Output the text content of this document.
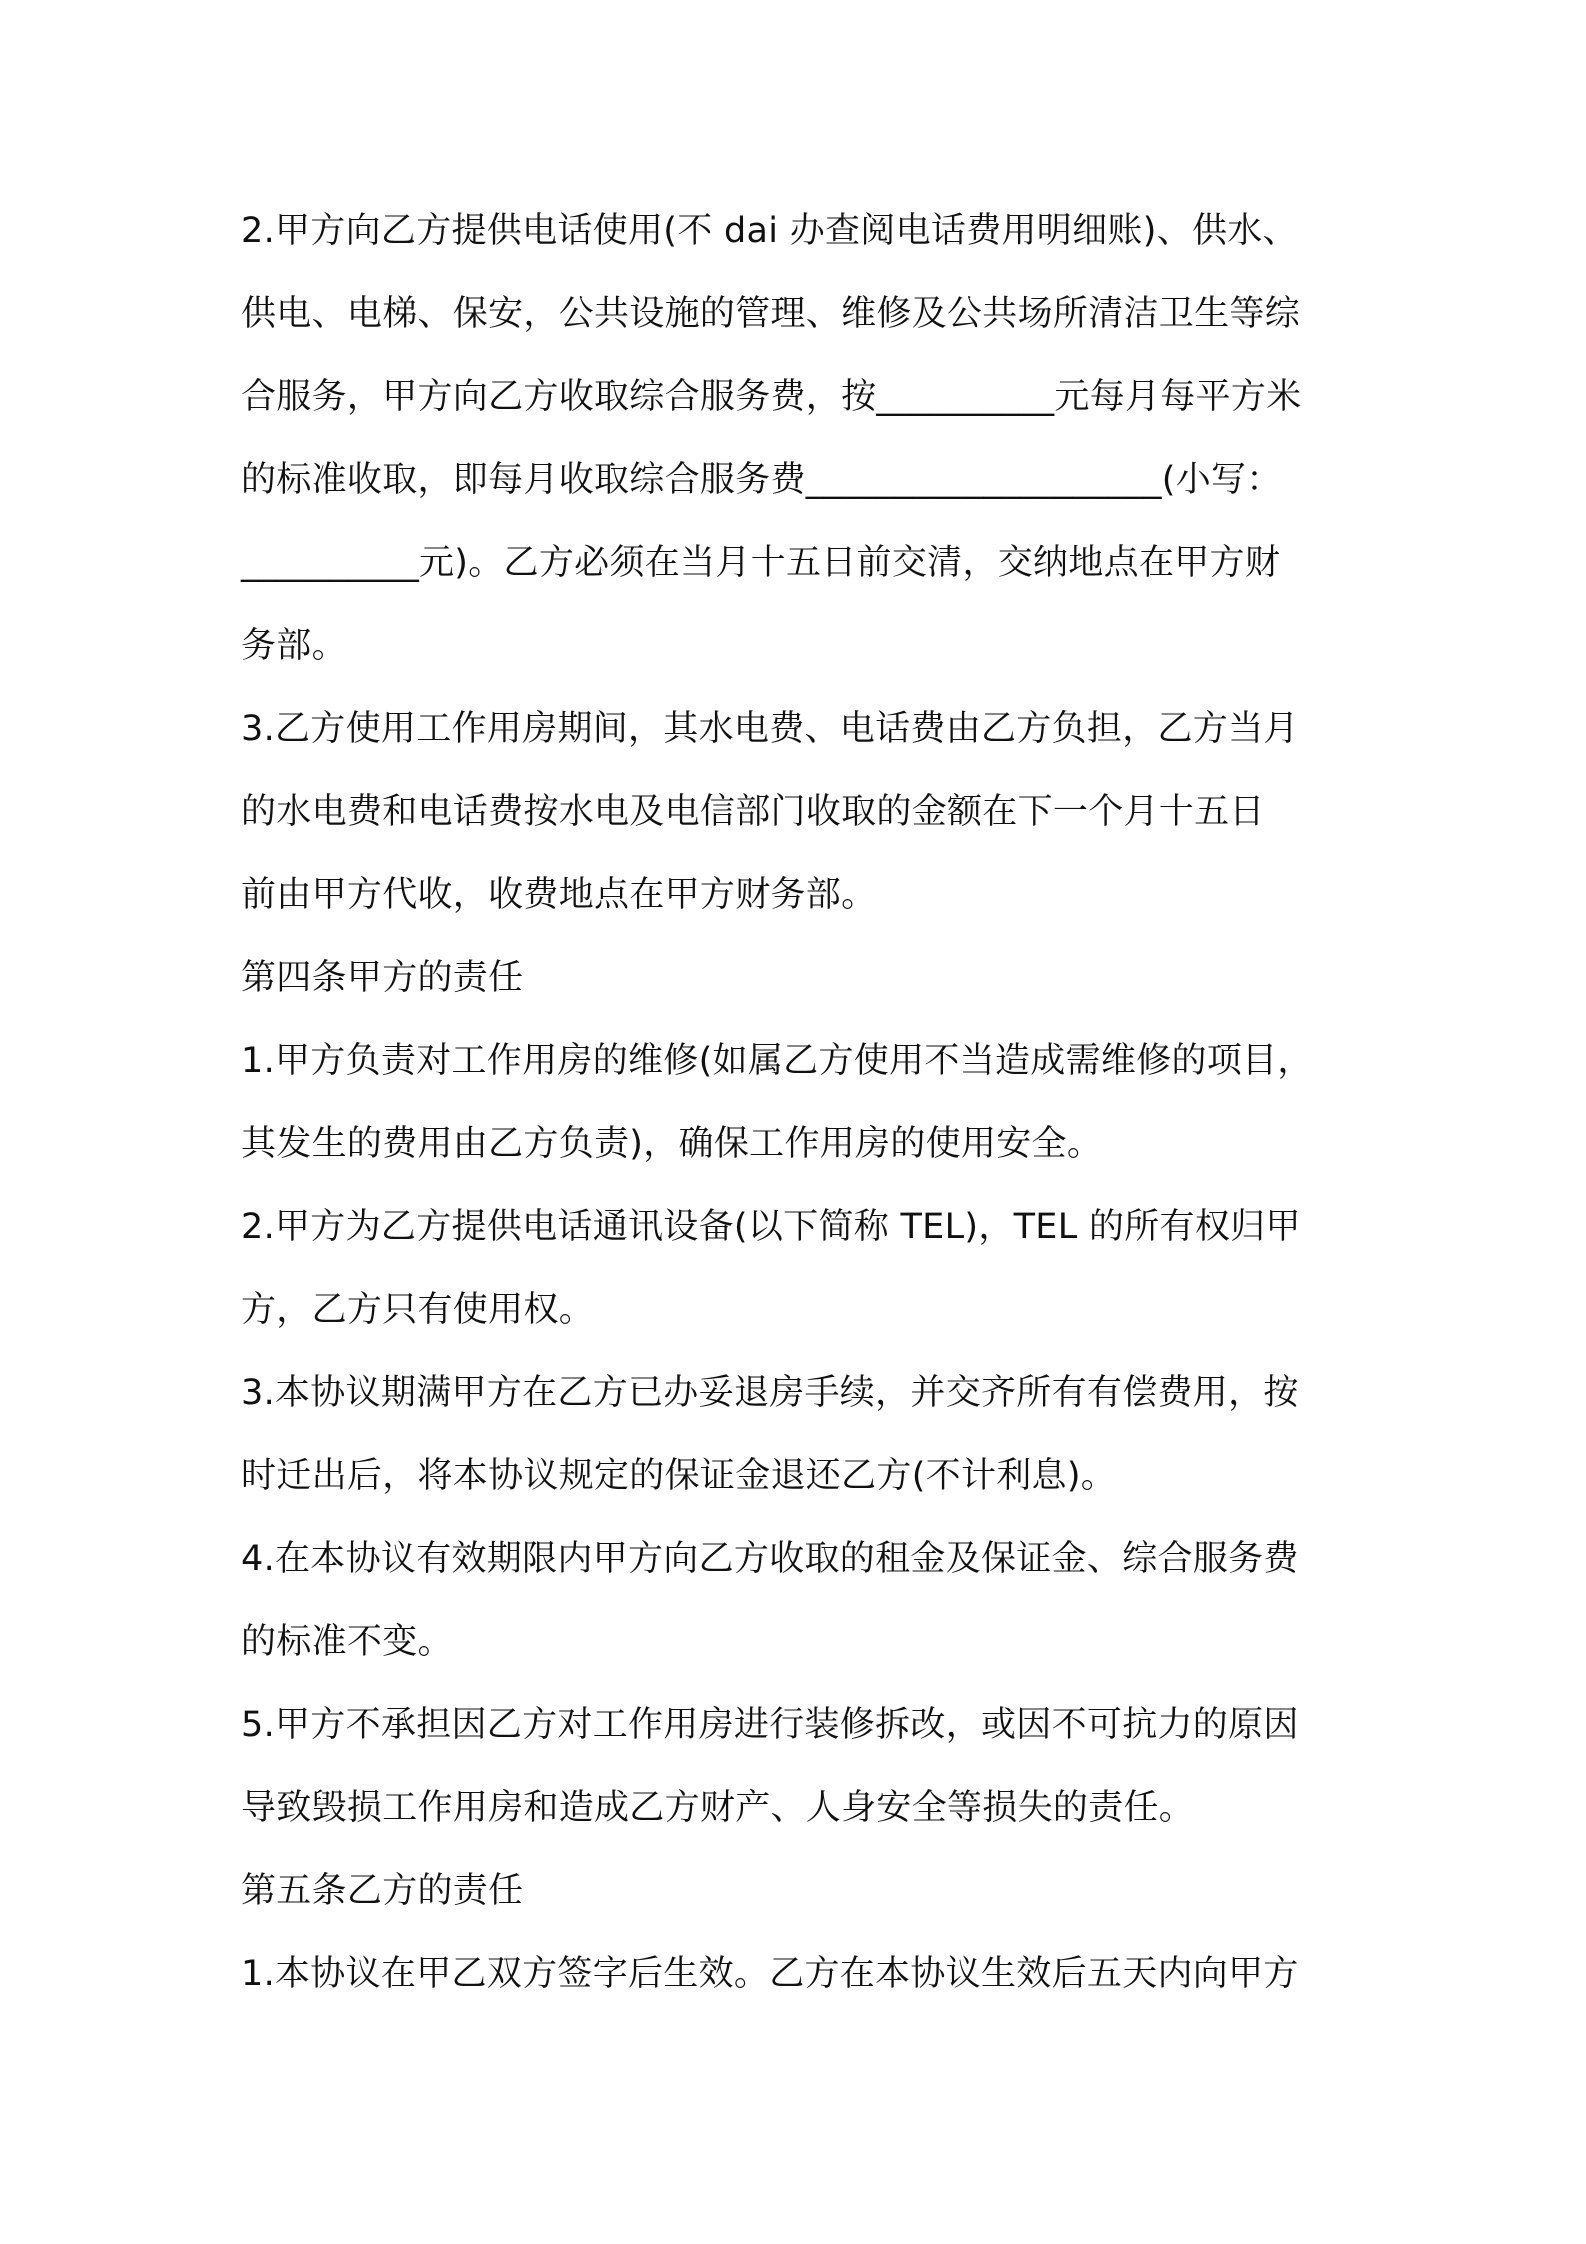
2.甲方向乙方提供电话使用(不 dai 办查阅电话费用明细账)、供水、
供电、电梯、保安，公共设施的管理、维修及公共场所清洁卫生等综
合服务，甲方向乙方收取综合服务费，按__________元每月每平方米
的标准收取，即每月收取综合服务费____________________(小写：
__________元)。乙方必须在当月十五日前交清，交纳地点在甲方财
务部。
3.乙方使用工作用房期间，其水电费、电话费由乙方负担，乙方当月
的水电费和电话费按水电及电信部门收取的金额在下一个月十五日
前由甲方代收，收费地点在甲方财务部。
第四条甲方的责任
1.甲方负责对工作用房的维修(如属乙方使用不当造成需维修的项目，
其发生的费用由乙方负责)，确保工作用房的使用安全。
2.甲方为乙方提供电话通讯设备(以下简称 TEL)，TEL 的所有权归甲
方，乙方只有使用权。
3.本协议期满甲方在乙方已办妥退房手续，并交齐所有有偿费用，按
时迁出后，将本协议规定的保证金退还乙方(不计利息)。
4.在本协议有效期限内甲方向乙方收取的租金及保证金、综合服务费
的标准不变。
5.甲方不承担因乙方对工作用房进行装修拆改，或因不可抗力的原因
导致毁损工作用房和造成乙方财产、人身安全等损失的责任。
第五条乙方的责任
1.本协议在甲乙双方签字后生效。乙方在本协议生效后五天内向甲方
